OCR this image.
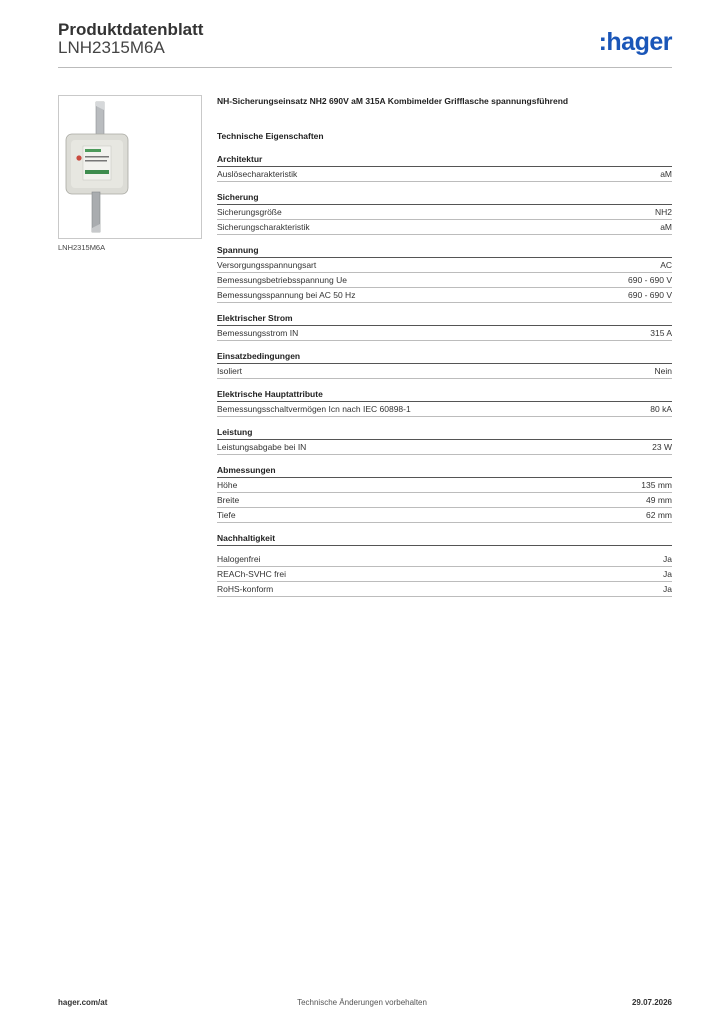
Produktdatenblatt
LNH2315M6A	:hager
LNH2315M6A
NH-Sicherungseinsatz NH2 690V aM 315A Kombimelder Grifflasche spannungsführend
Technische Eigenschaften
Architektur
Auslösecharakteristik	aM
Sicherung
Sicherungsgröße	NH2
Sicherungscharakteristik	aM
Spannung
Versorgungsspannungsart	AC
Bemessungsbetriebsspannung Ue	690 - 690 V
Bemessungsspannung bei AC 50 Hz	690 - 690 V
Elektrischer Strom
Bemessungsstrom IN	315 A
Einsatzbedingungen
Isoliert	Nein
Elektrische Hauptattribute
Bemessungsschaltvermögen Icn nach IEC 60898-1	80 kA
Leistung
Leistungsabgabe bei IN	23 W
Abmessungen
Höhe	135 mm
Breite	49 mm
Tiefe	62 mm
Nachhaltigkeit
Halogenfrei	Ja
REACh-SVHC frei	Ja
RoHS-konform	Ja
hager.com/at	Technische Änderungen vorbehalten	29.07.2026
